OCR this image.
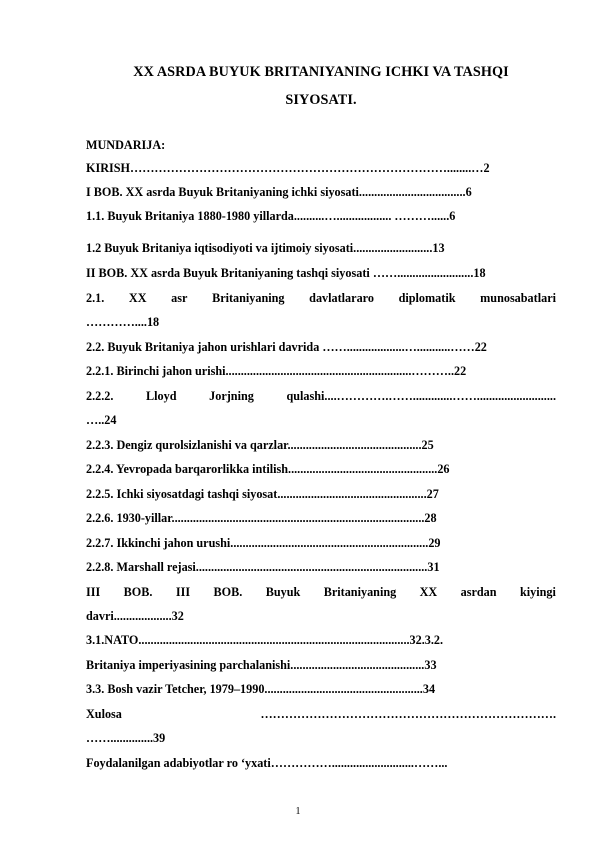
XX ASRDA BUYUK BRITANIYANING ICHKI VA TASHQI
SIYOSATI.
MUNDARIJA:
KIRISH……………………………………………………………………........…2
I BOB. XX asrda Buyuk Britaniyaning ichki siyosati...................................6
1.1. Buyuk Britaniya 1880-1980 yillarda..........….................. ………......6
1.2 Buyuk Britaniya iqtisodiyoti va ijtimoiy siyosati..........................13
II BOB. XX asrda Buyuk Britaniyaning tashqi siyosati …….........................18
2.1. XX asr Britaniyaning davlatlararo diplomatik munosabatlari
…………....18
2.2. Buyuk Britaniya jahon urishlari davrida ……...................…...........……22
2.2.1. Birinchi jahon urishi.............................................................………..22
2.2.2.	Lloyd	Jorjning	qulashi....………….…….............……..........................
…..24
2.2.3. Dengiz qurolsizlanishi va qarzlar............................................25
2.2.4. Yevropada barqarorlikka intilish.................................................26
2.2.5. Ichki siyosatdagi tashqi siyosat.................................................27
2.2.6. 1930-yillar...................................................................................28
2.2.7. Ikkinchi jahon urushi.................................................................29
2.2.8. Marshall rejasi............................................................................31
III BOB. III BOB. Buyuk Britaniyaning XX asrdan kiyingi
davri...................32
3.1.NATO.........................................................................................32.3.2.
Britaniya imperiyasining parchalanishi............................................33
3.3. Bosh vazir Tetcher, 1979–1990....................................................34
Xulosa	……………………………………………………………….
……..............39
Foydalanilgan adabiyotlar ro ‘yxati……………...........................……...
1
